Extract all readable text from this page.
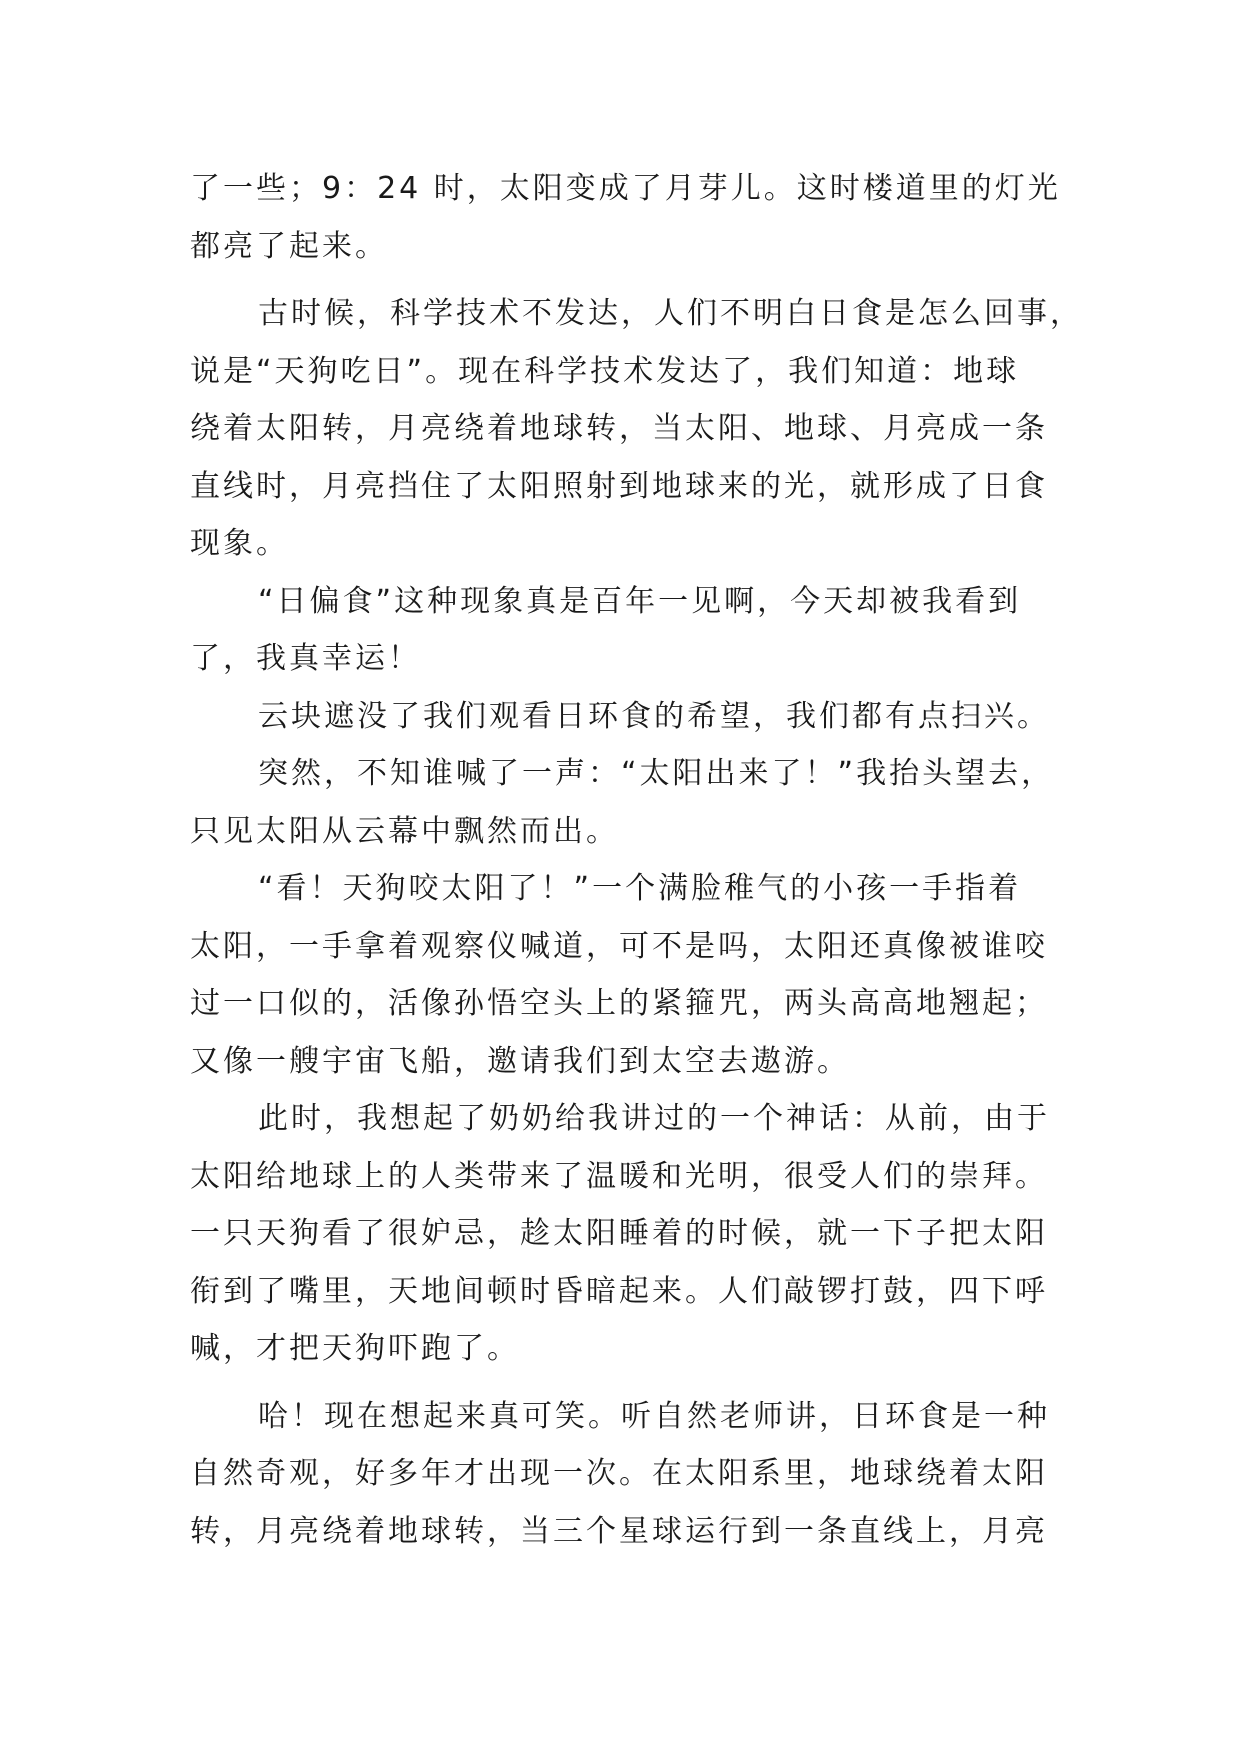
了一些；9：24 时，太阳变成了月芽儿。这时楼道里的灯光
都亮了起来。
古时候，科学技术不发达，人们不明白日食是怎么回事，
说是“天狗吃日”。现在科学技术发达了，我们知道：地球
绕着太阳转，月亮绕着地球转，当太阳、地球、月亮成一条
直线时，月亮挡住了太阳照射到地球来的光，就形成了日食
现象。
“日偏食”这种现象真是百年一见啊，今天却被我看到
了，我真幸运！
云块遮没了我们观看日环食的希望，我们都有点扫兴。
突然，不知谁喊了一声：“太阳出来了！”我抬头望去，
只见太阳从云幕中飘然而出。
“看！天狗咬太阳了！”一个满脸稚气的小孩一手指着
太阳，一手拿着观察仪喊道，可不是吗，太阳还真像被谁咬
过一口似的，活像孙悟空头上的紧箍咒，两头高高地翘起；
又像一艘宇宙飞船，邀请我们到太空去遨游。
此时，我想起了奶奶给我讲过的一个神话：从前，由于
太阳给地球上的人类带来了温暖和光明，很受人们的崇拜。
一只天狗看了很妒忌，趁太阳睡着的时候，就一下子把太阳
衔到了嘴里，天地间顿时昏暗起来。人们敲锣打鼓，四下呼
喊，才把天狗吓跑了。
哈！现在想起来真可笑。听自然老师讲，日环食是一种
自然奇观，好多年才出现一次。在太阳系里，地球绕着太阳
转，月亮绕着地球转，当三个星球运行到一条直线上，月亮
